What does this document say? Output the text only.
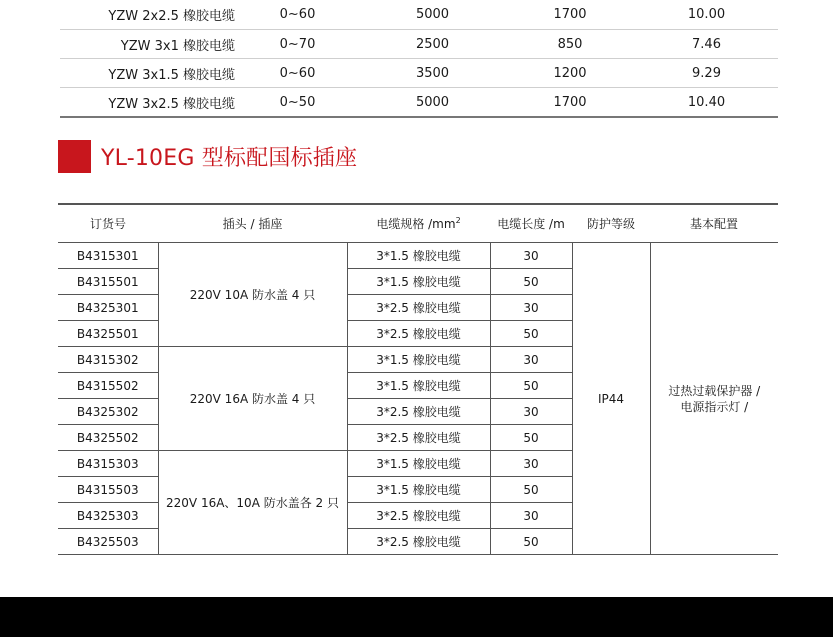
YZW 2x2.5 橡胶电缆	0~60	5000	1700	10.00
YZW 3x1 橡胶电缆	0~70	2500	850	7.46
YZW 3x1.5 橡胶电缆	0~60	3500	1200	9.29
YZW 3x2.5 橡胶电缆	0~50	5000	1700	10.40
YL-10EG 型标配国标插座
订货号	插头 / 插座	电缆规格 $/mm^2$	电缆长度 /m	防护等级	基本配置
B4315301	220V 10A 防水盖 4 只	3*1.5 橡胶电缆	30	IP44	过热过载保护器 /
电源指示灯 /

B4315501		3*1.5 橡胶电缆	50		
B4325301		3*2.5 橡胶电缆	30		
B4325501		3*2.5 橡胶电缆	50		
B4315302	220V 16A 防水盖 4 只	3*1.5 橡胶电缆	30		
B4315502		3*1.5 橡胶电缆	50		
B4325302		3*2.5 橡胶电缆	30		
B4325502		3*2.5 橡胶电缆	50		
B4315303	220V 16A、10A 防水盖各 2 只	3*1.5 橡胶电缆	30		
B4315503		3*1.5 橡胶电缆	50		
B4325303		3*2.5 橡胶电缆	30		
B4325503		3*2.5 橡胶电缆	50		
